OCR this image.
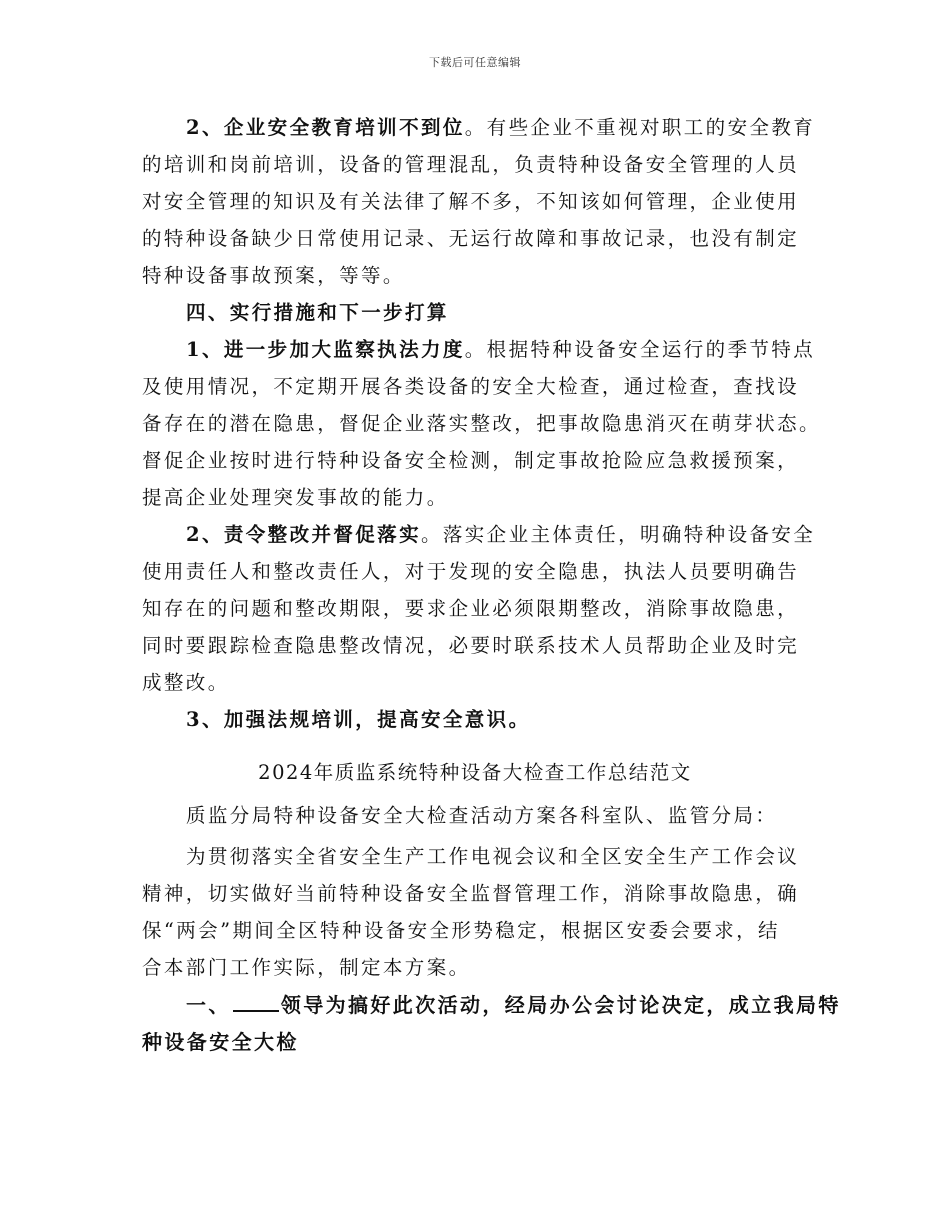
下载后可任意编辑
2、企业安全教育培训不到位。有些企业不重视对职工的安全教育
的培训和岗前培训，设备的管理混乱，负责特种设备安全管理的人员
对安全管理的知识及有关法律了解不多，不知该如何管理，企业使用
的特种设备缺少日常使用记录、无运行故障和事故记录，也没有制定
特种设备事故预案，等等。
四、实行措施和下一步打算
1、进一步加大监察执法力度。根据特种设备安全运行的季节特点
及使用情况，不定期开展各类设备的安全大检查，通过检查，查找设
备存在的潜在隐患，督促企业落实整改，把事故隐患消灭在萌芽状态。
督促企业按时进行特种设备安全检测，制定事故抢险应急救援预案，
提高企业处理突发事故的能力。
2、责令整改并督促落实。落实企业主体责任，明确特种设备安全
使用责任人和整改责任人，对于发现的安全隐患，执法人员要明确告
知存在的问题和整改期限，要求企业必须限期整改，消除事故隐患，
同时要跟踪检查隐患整改情况，必要时联系技术人员帮助企业及时完
成整改。
3、加强法规培训，提高安全意识。
2024年质监系统特种设备大检查工作总结范文
质监分局特种设备安全大检查活动方案各科室队、监管分局：
为贯彻落实全省安全生产工作电视会议和全区安全生产工作会议
精神，切实做好当前特种设备安全监督管理工作，消除事故隐患，确
保“两会”期间全区特种设备安全形势稳定，根据区安委会要求，结
合本部门工作实际，制定本方案。
一、	领导为搞好此次活动，经局办公会讨论决定，成立我局特
种设备安全大检
